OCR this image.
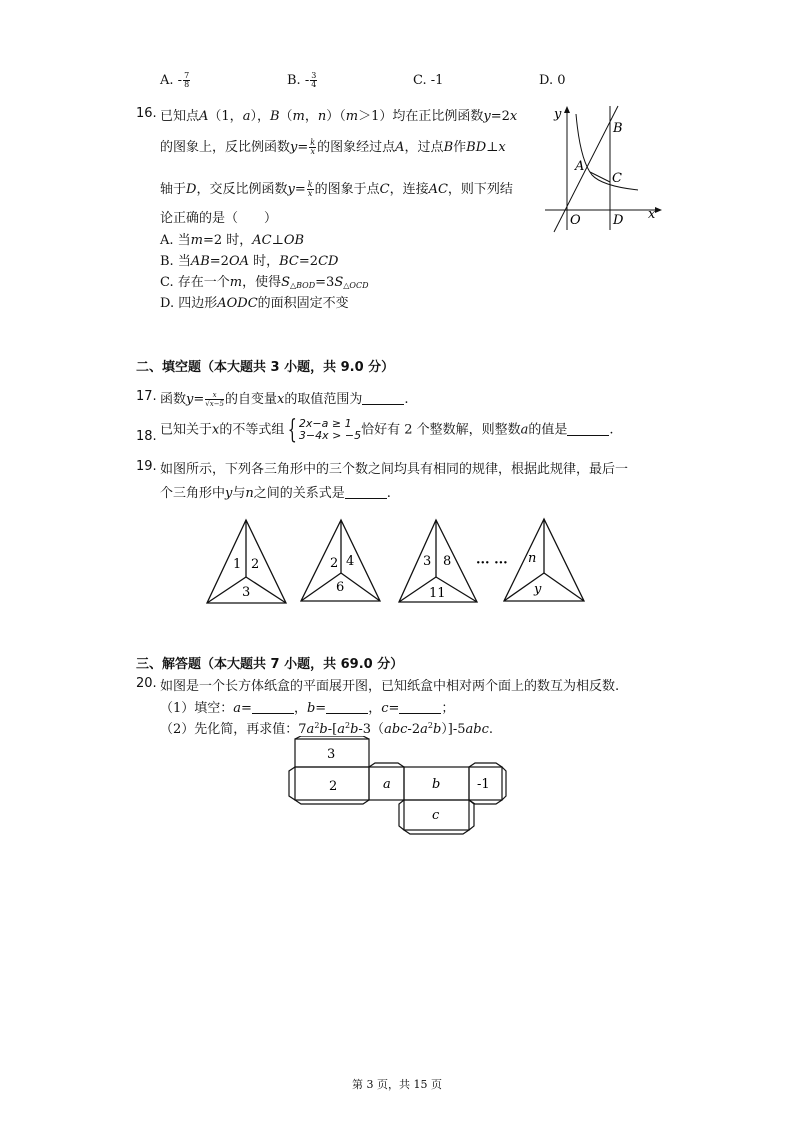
A. - $\frac{7}{8}$	B. - $\frac{3}{4}$	C. -1	D. 0
16. 已知点A（1，a），B（m，n）（m＞1）均在正比例函数y=2x
的图象上，反比例函数$y= \frac{k}{x}$ 的图象经过点A，过点B作BD⊥x
轴于D，交反比例函数$y= \frac{k}{x}$ 的图象于点C，连接AC，则下列结
论正确的是（　　）
A. 当m=2 时，AC⊥OB
B. 当AB=2OA 时，BC=2CD
C. 存在一个m，使得$S_{\triangle BOD}=3S_{\triangle OCD}$
D. 四边形AODC的面积固定不变
y
x
O D
A
B
C
二、填空题（本大题共 3 小题，共 9.0 分）
17. 函数$y= \frac{x}{√x-5}$ 的自变量x的取值范围为	.
18. 已知关于x的不等式组 { 2x−a ≥ 1
3−4x > −5 恰好有 2 个整数解，则整数a的值是	.
19. 如图所示，下列各三角形中的三个数之间均具有相同的规律，根据此规律，最后一
个三角形中y与n之间的关系式是	.
1 2
3
2 4
6
3 8
11
··· ··· n
y
三、解答题（本大题共 7 小题，共 69.0 分）
20. 如图是一个长方体纸盒的平面展开图，已知纸盒中相对两个面上的数互为相反数.
（1）填空：a=	，b=	，c=	；
（2）先化简，再求值：$7a^2b-[a^2b-3(abc-2a^2b)]-5abc$.
3
2	a	b	-1
c
第 3 页，共 15 页
